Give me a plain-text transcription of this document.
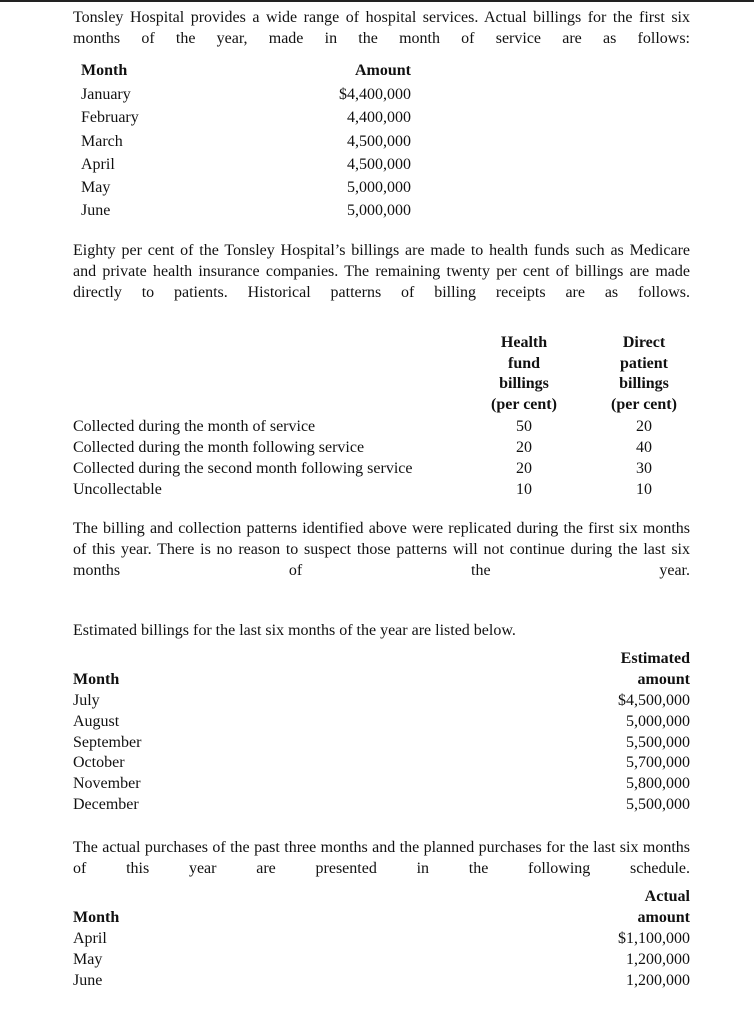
Tonsley Hospital provides a wide range of hospital services. Actual billings for the first six months of the year, made in the month of service are as follows:

Month	Amount
January
February
March
April
May
June
$4,400,000
4,400,000
4,500,000
4,500,000
5,000,000
5,000,000

Eighty per cent of the Tonsley Hospital’s billings are made to health funds such as Medicare and private health insurance companies. The remaining twenty per cent of billings are made directly to patients. Historical patterns of billing receipts are as follows.

Health
fund
billings
(per cent)
Direct
patient
billings
(per cent)
Collected during the month of service
Collected during the month following service
Collected during the second month following service
Uncollectable
50
20
20
10
20
40
30
10

The billing and collection patterns identified above were replicated during the first six months of this year. There is no reason to suspect those patterns will not continue during the last six months of the year.

Estimated billings for the last six months of the year are listed below.
Estimated
amount
Month
July
August
September
October
November
December
$4,500,000
5,000,000
5,500,000
5,700,000
5,800,000
5,500,000

The actual purchases of the past three months and the planned purchases for the last six months of this year are presented in the following schedule.

Actual
amount
Month
April
May
June
$1,100,000
1,200,000
1,200,000
